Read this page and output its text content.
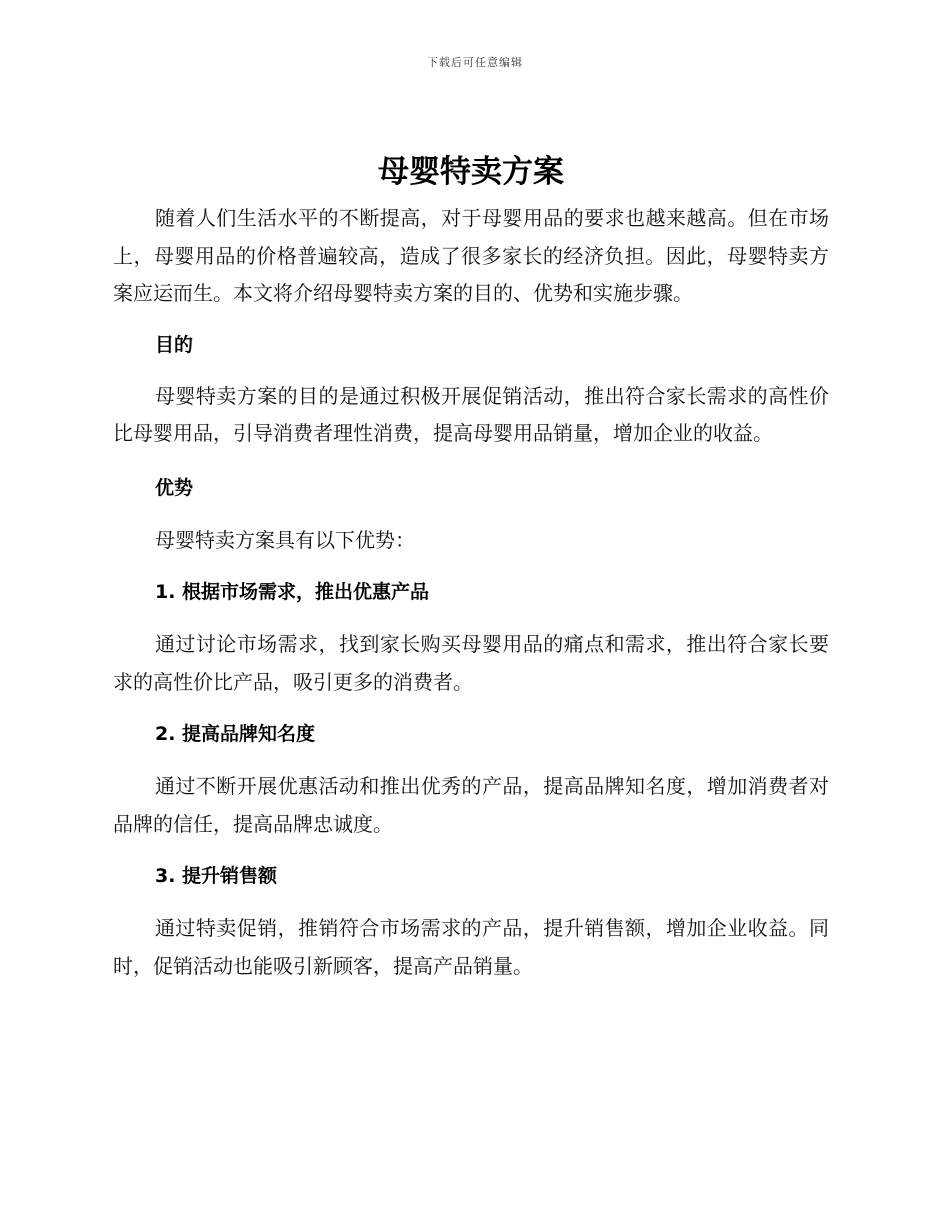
下载后可任意编辑
母婴特卖方案

随着人们生活水平的不断提高，对于母婴用品的要求也越来越高。但在市场上，母婴用品的价格普遍较高，造成了很多家长的经济负担。因此，母婴特卖方案应运而生。本文将介绍母婴特卖方案的目的、优势和实施步骤。

目的

母婴特卖方案的目的是通过积极开展促销活动，推出符合家长需求的高性价比母婴用品，引导消费者理性消费，提高母婴用品销量，增加企业的收益。

优势

母婴特卖方案具有以下优势：

1. 根据市场需求，推出优惠产品

通过讨论市场需求，找到家长购买母婴用品的痛点和需求，推出符合家长要求的高性价比产品，吸引更多的消费者。

2. 提高品牌知名度

通过不断开展优惠活动和推出优秀的产品，提高品牌知名度，增加消费者对品牌的信任，提高品牌忠诚度。

3. 提升销售额

通过特卖促销，推销符合市场需求的产品，提升销售额，增加企业收益。同时，促销活动也能吸引新顾客，提高产品销量。
